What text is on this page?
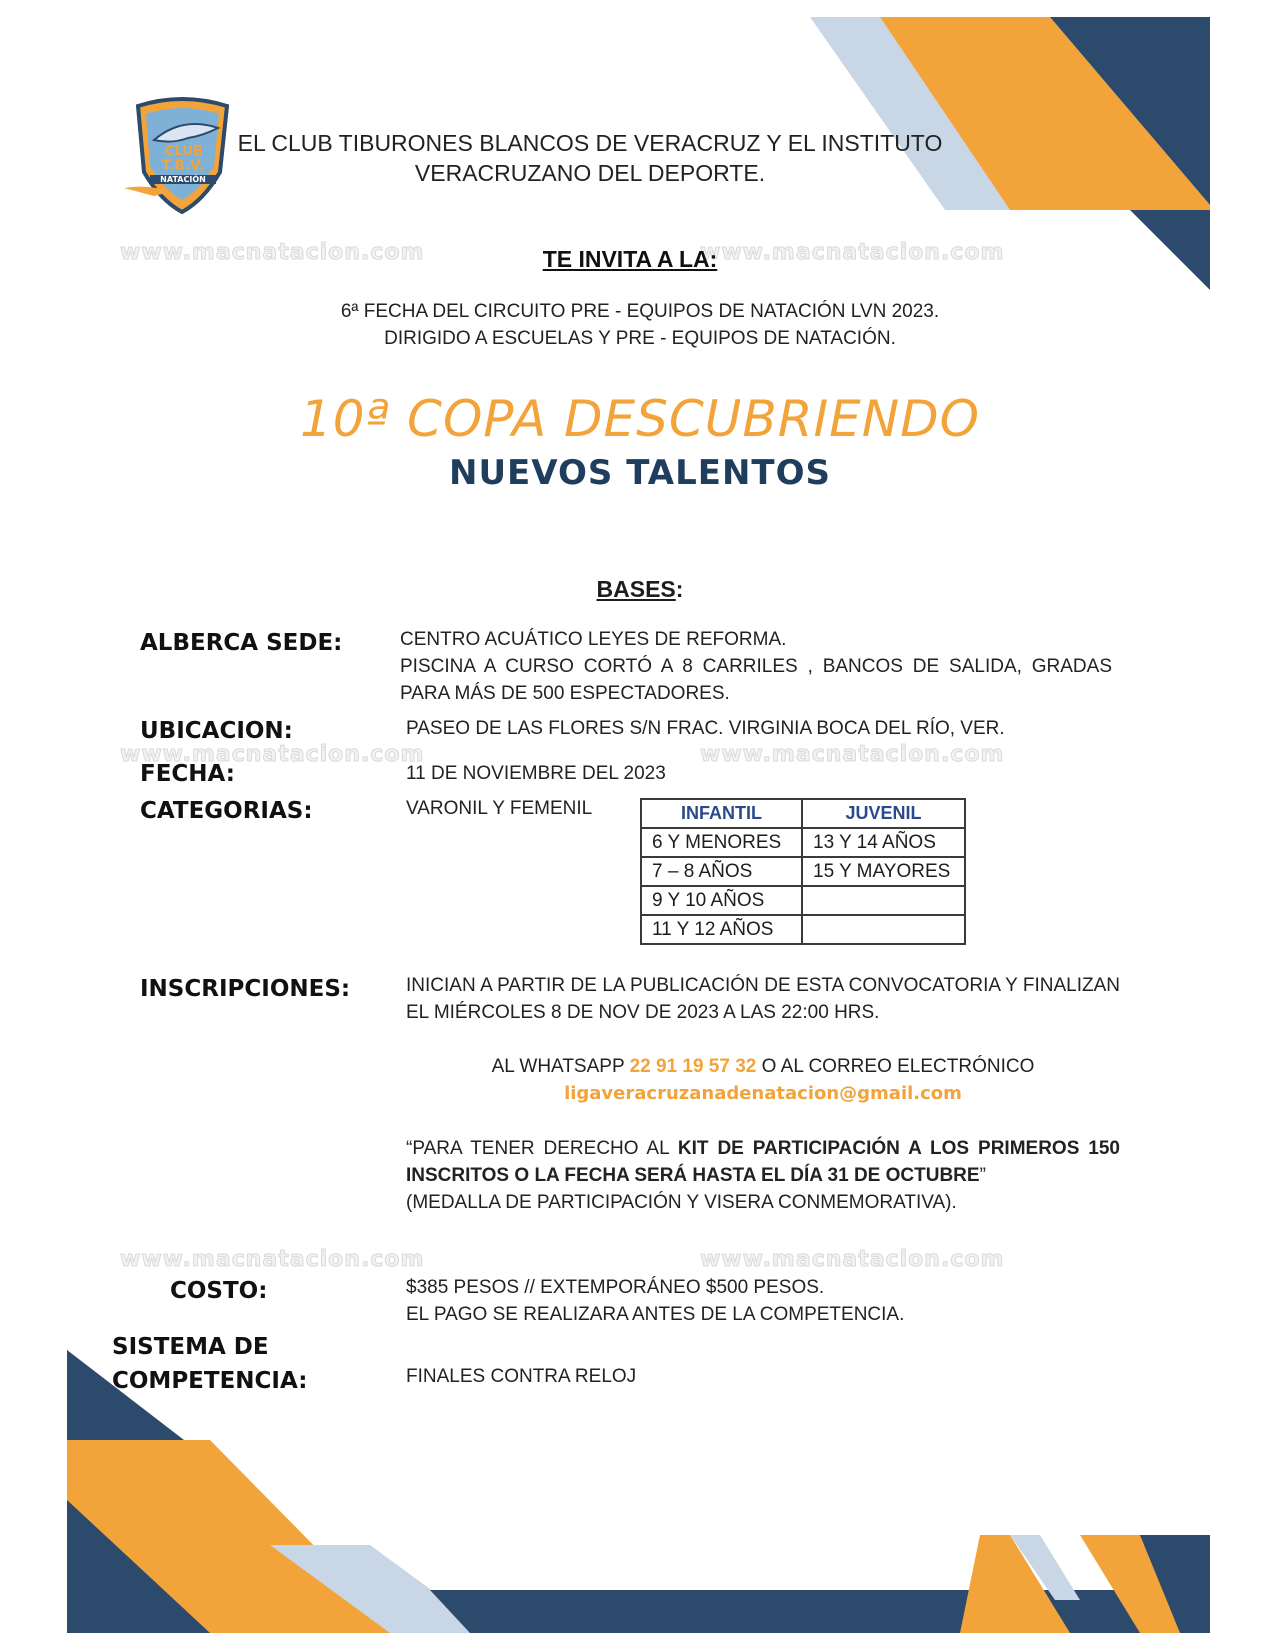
CLUB
T.B.V.
NATACIÓN
IVD
Instituto Veracruzano
del Deporte
EL CLUB TIBURONES BLANCOS DE VERACRUZ Y EL INSTITUTO
VERACRUZANO DEL DEPORTE.
www.macnatacion.com	www.macnatacion.com
www.macnatacion.com	www.macnatacion.com
www.macnatacion.com	www.macnatacion.com
TE INVITA A LA:
6ª FECHA DEL CIRCUITO PRE - EQUIPOS DE NATACIÓN LVN 2023.
DIRIGIDO A ESCUELAS Y PRE - EQUIPOS DE NATACIÓN.
10ª COPA DESCUBRIENDO
NUEVOS TALENTOS
BASES:
ALBERCA SEDE:	CENTRO ACUÁTICO LEYES DE REFORMA.
PISCINA A CURSO CORTÓ A 8 CARRILES , BANCOS DE SALIDA, GRADAS PARA MÁS DE 500 ESPECTADORES.
UBICACION:	PASEO DE LAS FLORES S/N FRAC. VIRGINIA BOCA DEL RÍO, VER.
FECHA:	11 DE NOVIEMBRE DEL 2023
CATEGORIAS:	VARONIL Y FEMENIL	INFANTIL	JUVENIL
6 Y MENORES	13 Y 14 AÑOS
7 – 8 AÑOS	15 Y MAYORES
9 Y 10 AÑOS	
11 Y 12 AÑOS	
INSCRIPCIONES:	INICIAN A PARTIR DE LA PUBLICACIÓN DE ESTA CONVOCATORIA Y FINALIZAN EL MIÉRCOLES 8 DE NOV DE 2023 A LAS 22:00 HRS.
AL WHATSAPP 22 91 19 57 32 O AL CORREO ELECTRÓNICO
ligaveracruzanadenatacion@gmail.com
“PARA TENER DERECHO AL KIT DE PARTICIPACIÓN A LOS PRIMEROS 150 INSCRITOS O LA FECHA SERÁ HASTA EL DÍA 31 DE OCTUBRE”
(MEDALLA DE PARTICIPACIÓN Y VISERA CONMEMORATIVA).
COSTO:	$385 PESOS // EXTEMPORÁNEO $500 PESOS.
EL PAGO SE REALIZARA ANTES DE LA COMPETENCIA.
SISTEMA DE
COMPETENCIA:	FINALES CONTRA RELOJ
